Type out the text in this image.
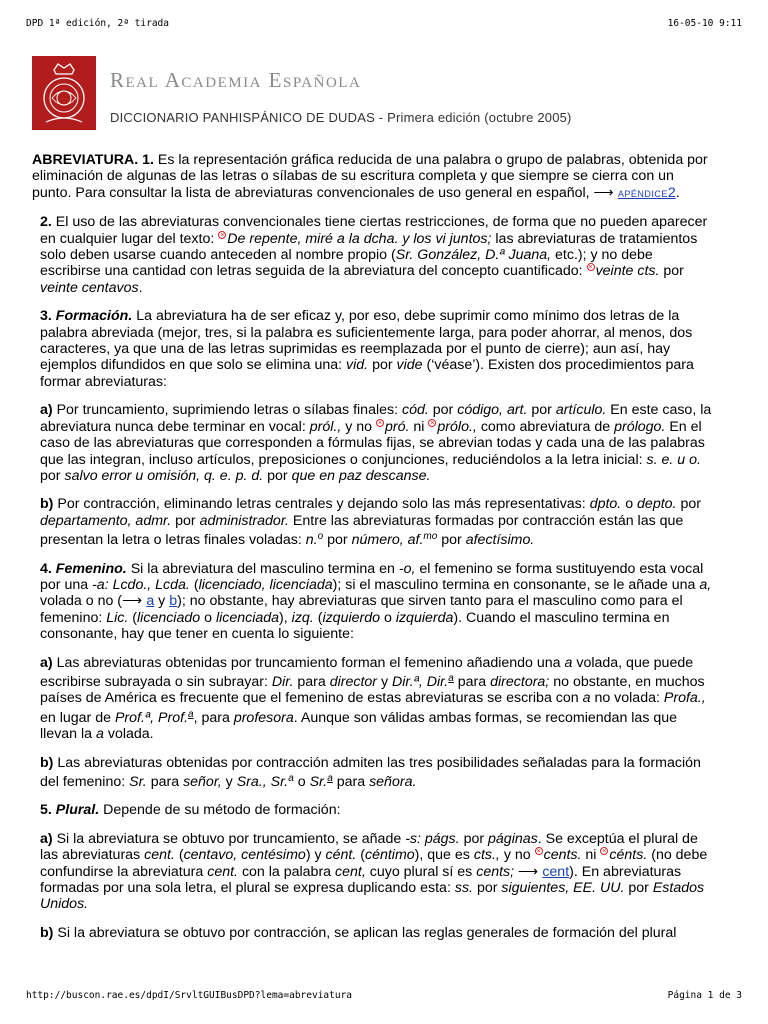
DPD 1ª edición, 2ª tirada	16-05-10 9:11
Real Academia Española
DICCIONARIO PANHISPÁNICO DE DUDAS - Primera edición (octubre 2005)

ABREVIATURA. 1. Es la representación gráfica reducida de una palabra o grupo de palabras, obtenida por eliminación de algunas de las letras o sílabas de su escritura completa y que siempre se cierra con un punto. Para consultar la lista de abreviaturas convencionales de uso general en español, ⟶ APÉNDICE2.

2. El uso de las abreviaturas convencionales tiene ciertas restricciones, de forma que no pueden aparecer en cualquier lugar del texto: × De repente, miré a la dcha. y los vi juntos; las abreviaturas de tratamientos solo deben usarse cuando anteceden al nombre propio (Sr. González, D.ª Juana, etc.); y no debe escribirse una cantidad con letras seguida de la abreviatura del concepto cuantificado: × veinte cts. por veinte centavos.

3. Formación. La abreviatura ha de ser eficaz y, por eso, debe suprimir como mínimo dos letras de la palabra abreviada (mejor, tres, si la palabra es suficientemente larga, para poder ahorrar, al menos, dos caracteres, ya que una de las letras suprimidas es reemplazada por el punto de cierre); aun así, hay ejemplos difundidos en que solo se elimina una: vid. por vide (‘véase’). Existen dos procedimientos para formar abreviaturas:

a) Por truncamiento, suprimiendo letras o sílabas finales: cód. por código, art. por artículo. En este caso, la abreviatura nunca debe terminar en vocal: pról., y no × pró. ni × prólo., como abreviatura de prólogo. En el caso de las abreviaturas que corresponden a fórmulas fijas, se abrevian todas y cada una de las palabras que las integran, incluso artículos, preposiciones o conjunciones, reduciéndolos a la letra inicial: s. e. u o. por salvo error u omisión, q. e. p. d. por que en paz descanse.

b) Por contracción, eliminando letras centrales y dejando solo las más representativas: dpto. o depto. por departamento, admr. por administrador. Entre las abreviaturas formadas por contracción están las que presentan la letra o letras finales voladas: n.$^o$ por número, af.$^{mo}$ por afectísimo.

4. Femenino. Si la abreviatura del masculino termina en -o, el femenino se forma sustituyendo esta vocal por una -a: Lcdo., Lcda. (licenciado, licenciada); si el masculino termina en consonante, se le añade una a, volada o no (⟶ a y b); no obstante, hay abreviaturas que sirven tanto para el masculino como para el femenino: Lic. (licenciado o licenciada), izq. (izquierdo o izquierda). Cuando el masculino termina en consonante, hay que tener en cuenta lo siguiente:

a) Las abreviaturas obtenidas por truncamiento forman el femenino añadiendo una a volada, que puede escribirse subrayada o sin subrayar: Dir. para director y Dir.ª, Dir.$^a$ para directora; no obstante, en muchos países de América es frecuente que el femenino de estas abreviaturas se escriba con a no volada: Profa., en lugar de Prof.ª, Prof.$^a$, para profesora. Aunque son válidas ambas formas, se recomiendan las que llevan la a volada.

b) Las abreviaturas obtenidas por contracción admiten las tres posibilidades señaladas para la formación del femenino: Sr. para señor, y Sra., Sr.$^a$ o Sr.$^a$ para señora.

5. Plural. Depende de su método de formación:

a) Si la abreviatura se obtuvo por truncamiento, se añade -s: págs. por páginas. Se exceptúa el plural de las abreviaturas cent. (centavo, centésimo) y cént. (céntimo), que es cts., y no × cents. ni × cénts. (no debe confundirse la abreviatura cent. con la palabra cent, cuyo plural sí es cents; ⟶ cent). En abreviaturas formadas por una sola letra, el plural se expresa duplicando esta: ss. por siguientes, EE. UU. por Estados Unidos.

b) Si la abreviatura se obtuvo por contracción, se aplican las reglas generales de formación del plural

http://buscon.rae.es/dpdI/SrvltGUIBusDPD?lema=abreviatura	Página 1 de 3
